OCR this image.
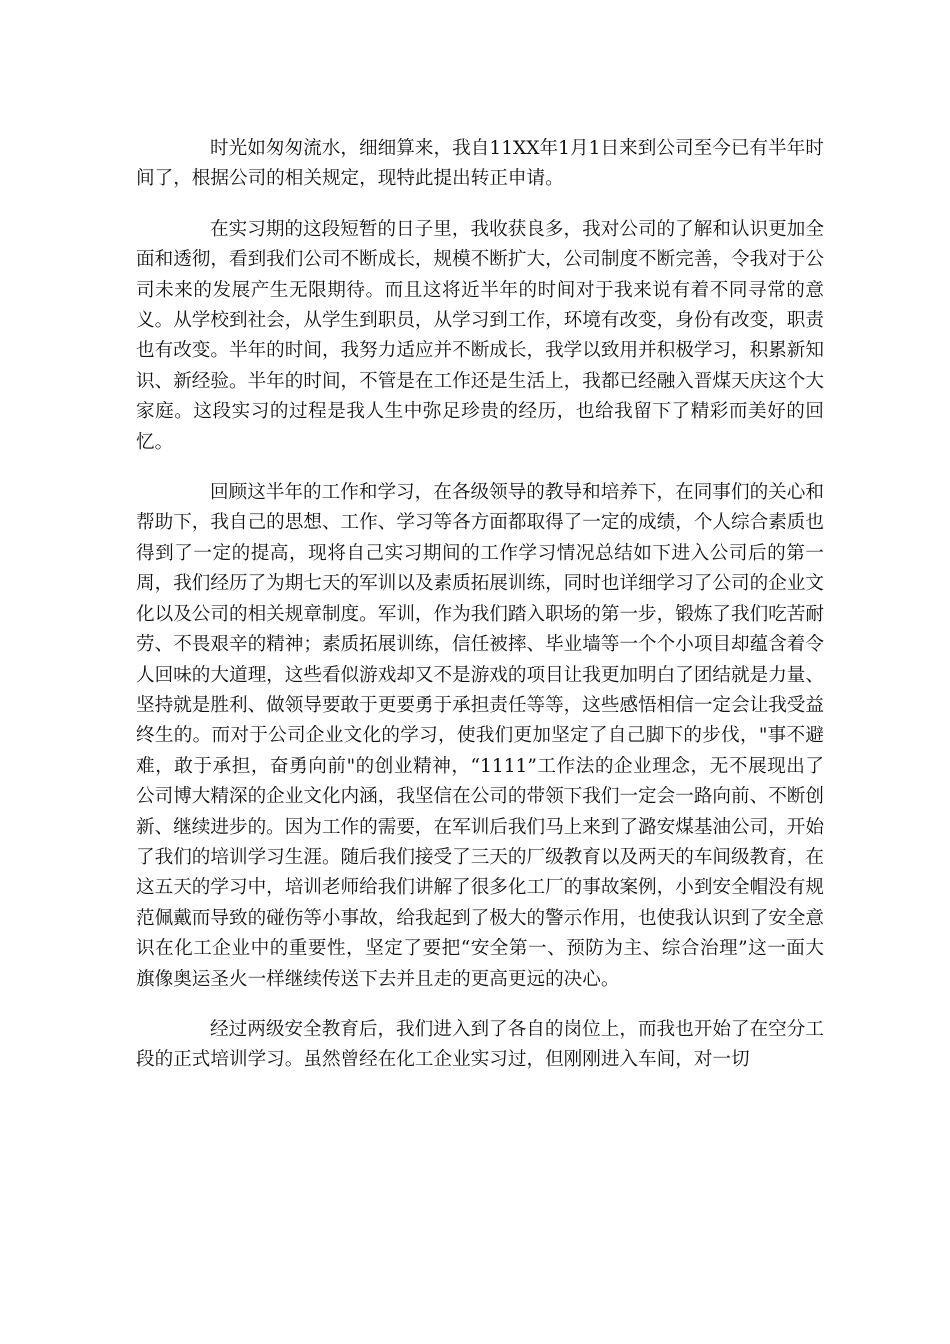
时光如匆匆流水，细细算来，我自11XX年1月1日来到公司至今已有半年时间了，根据公司的相关规定，现特此提出转正申请。

在实习期的这段短暂的日子里，我收获良多，我对公司的了解和认识更加全面和透彻，看到我们公司不断成长，规模不断扩大，公司制度不断完善，令我对于公司未来的发展产生无限期待。而且这将近半年的时间对于我来说有着不同寻常的意义。从学校到社会，从学生到职员，从学习到工作，环境有改变，身份有改变，职责也有改变。半年的时间，我努力适应并不断成长，我学以致用并积极学习，积累新知识、新经验。半年的时间，不管是在工作还是生活上，我都已经融入晋煤天庆这个大家庭。这段实习的过程是我人生中弥足珍贵的经历，也给我留下了精彩而美好的回忆。

回顾这半年的工作和学习，在各级领导的教导和培养下，在同事们的关心和帮助下，我自己的思想、工作、学习等各方面都取得了一定的成绩，个人综合素质也得到了一定的提高，现将自己实习期间的工作学习情况总结如下进入公司后的第一周，我们经历了为期七天的军训以及素质拓展训练，同时也详细学习了公司的企业文化以及公司的相关规章制度。军训，作为我们踏入职场的第一步，锻炼了我们吃苦耐劳、不畏艰辛的精神；素质拓展训练，信任被摔、毕业墙等一个个小项目却蕴含着令人回味的大道理，这些看似游戏却又不是游戏的项目让我更加明白了团结就是力量、坚持就是胜利、做领导要敢于更要勇于承担责任等等，这些感悟相信一定会让我受益终生的。而对于公司企业文化的学习，使我们更加坚定了自己脚下的步伐，"事不避难，敢于承担，奋勇向前"的创业精神，“1111”工作法的企业理念，无不展现出了公司博大精深的企业文化内涵，我坚信在公司的带领下我们一定会一路向前、不断创新、继续进步的。因为工作的需要，在军训后我们马上来到了潞安煤基油公司，开始了我们的培训学习生涯。随后我们接受了三天的厂级教育以及两天的车间级教育，在这五天的学习中，培训老师给我们讲解了很多化工厂的事故案例，小到安全帽没有规范佩戴而导致的碰伤等小事故，给我起到了极大的警示作用，也使我认识到了安全意识在化工企业中的重要性，坚定了要把“安全第一、预防为主、综合治理”这一面大旗像奥运圣火一样继续传送下去并且走的更高更远的决心。

经过两级安全教育后，我们进入到了各自的岗位上，而我也开始了在空分工段的正式培训学习。虽然曾经在化工企业实习过，但刚刚进入车间，对一切
